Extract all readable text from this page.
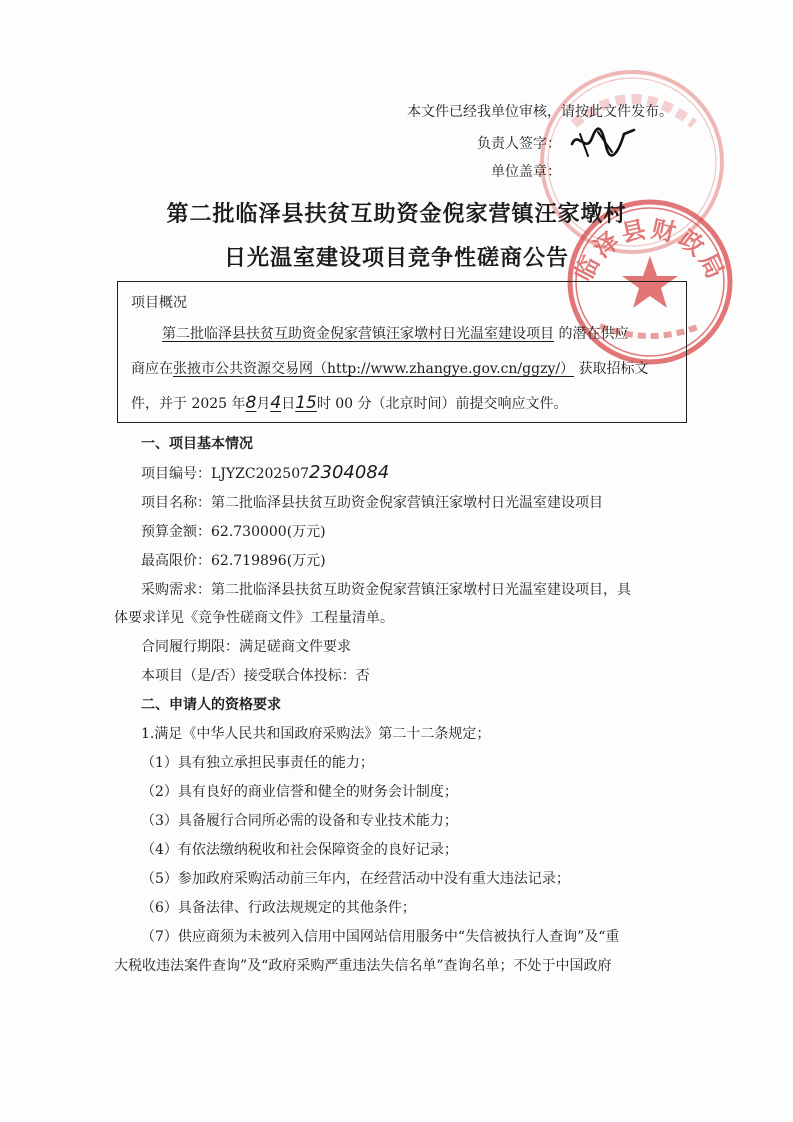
临泽县财政局
本文件已经我单位审核，请按此文件发布。
负责人签字：
单位盖章：
第二批临泽县扶贫互助资金倪家营镇汪家墩村
日光温室建设项目竞争性磋商公告
项目概况
第二批临泽县扶贫互助资金倪家营镇汪家墩村日光温室建设项目 的潜在供应
商应在张掖市公共资源交易网（http://www.zhangye.gov.cn/ggzy/） 获取招标文
件，并于 2025 年8月4日15时 00 分（北京时间）前提交响应文件。
一、项目基本情况
项目编号：LJYZC2025072304084
项目名称：第二批临泽县扶贫互助资金倪家营镇汪家墩村日光温室建设项目
预算金额：62.730000(万元)
最高限价：62.719896(万元)
采购需求：第二批临泽县扶贫互助资金倪家营镇汪家墩村日光温室建设项目，具
体要求详见《竞争性磋商文件》工程量清单。
合同履行期限：满足磋商文件要求
本项目（是/否）接受联合体投标：否
二、申请人的资格要求
1.满足《中华人民共和国政府采购法》第二十二条规定；
（1）具有独立承担民事责任的能力；
（2）具有良好的商业信誉和健全的财务会计制度；
（3）具备履行合同所必需的设备和专业技术能力；
（4）有依法缴纳税收和社会保障资金的良好记录；
（5）参加政府采购活动前三年内，在经营活动中没有重大违法记录；
（6）具备法律、行政法规规定的其他条件；
（7）供应商须为未被列入信用中国网站信用服务中“失信被执行人查询”及“重
大税收违法案件查询”及“政府采购严重违法失信名单”查询名单；不处于中国政府
